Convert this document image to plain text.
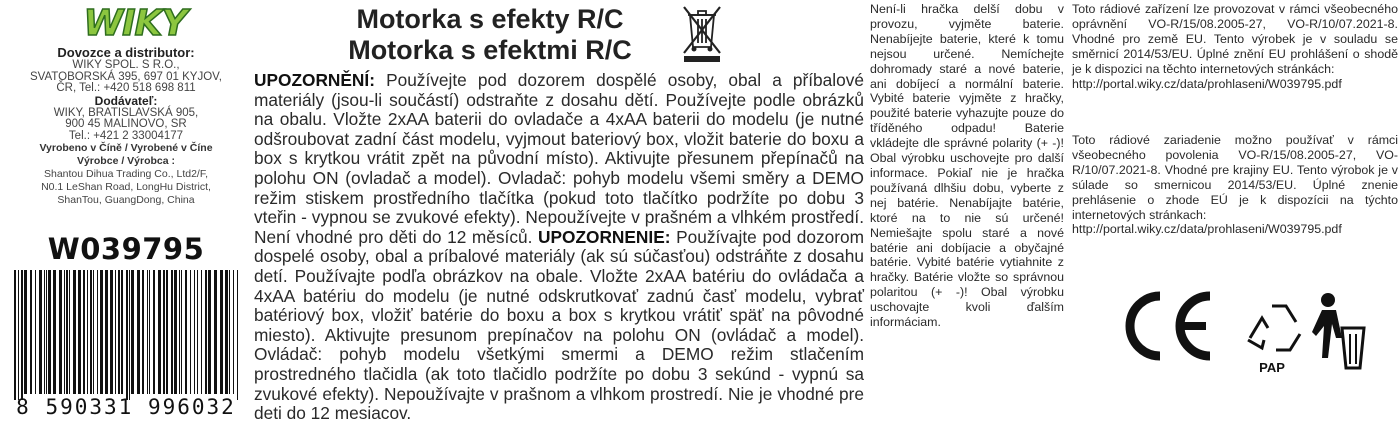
WIKY
Dovozce a distributor:
WIKY SPOL. S R.O.,
SVATOBORSKÁ 395, 697 01 KYJOV,
ČR, Tel.: +420 518 698 811
Dodávateľ:
WIKY, BRATISLAVSKÁ 905,
900 45 MALINOVO, SR
Tel.: +421 2 33004177
Vyrobeno v Číně / Vyrobené v Číne
Výrobce / Výrobca :
Shantou Dihua Trading Co., Ltd2/F,
N0.1 LeShan Road, LongHu District,
ShanTou, GuangDong, China
W039795
8 590331 996032
Motorka s efekty R/C
Motorka s efektmi R/C
UPOZORNĚNÍ: Používejte pod dozorem dospělé osoby, obal a příbalové materiály (jsou-li součástí) odstraňte z dosahu dětí. Používejte podle obrázků na obalu. Vložte 2xAA baterii do ovladače a 4xAA baterii do modelu (je nutné odšroubovat zadní část modelu, vyjmout bateriový box, vložit baterie do boxu a box s krytkou vrátit zpět na původní místo). Aktivujte přesunem přepínačů na polohu ON (ovladač a model). Ovladač: pohyb modelu všemi směry a DEMO režim stiskem prostředního tlačítka (pokud toto tlačítko podržíte po dobu 3 vteřin - vypnou se zvukové efekty). Nepoužívejte v prašném a vlhkém prostředí. Není vhodné pro děti do 12 měsíců. UPOZORNENIE: Používajte pod dozorom dospelé osoby, obal a príbalové materiály (ak sú súčasťou) odstráňte z dosahu detí. Používajte podľa obrázkov na obale. Vložte 2xAA batériu do ovládača a 4xAA batériu do modelu (je nutné odskrutkovať zadnú časť modelu, vybrať batériový box, vložiť batérie do boxu a box s krytkou vrátiť späť na pôvodné miesto). Aktivujte presunom prepínačov na polohu ON (ovládač a model). Ovládač: pohyb modelu všetkými smermi a DEMO režim stlačením prostredného tlačidla (ak toto tlačidlo podržíte po dobu 3 sekúnd - vypnú sa zvukové efekty). Nepoužívajte v prašnom a vlhkom prostredí. Nie je vhodné pre deti do 12 mesiacov.
Není-li hračka delší dobu v provozu, vyjměte baterie. Nenabíjejte baterie, které k tomu nejsou určené. Nemíchejte dohromady staré a nové baterie, ani dobíjecí a normální baterie. Vybité baterie vyjměte z hračky, použité baterie vyhazujte pouze do tříděného odpadu! Baterie vkládejte dle správné polarity (+ -)! Obal výrobku uschovejte pro další informace. Pokiaľ nie je hračka používaná dlhšiu dobu, vyberte z nej batérie. Nenabíjajte batérie, ktoré na to nie sú určené! Nemiešajte spolu staré a nové batérie ani dobíjacie a obyčajné batérie. Vybité batérie vytiahnite z hračky. Batérie vložte so správnou polaritou (+ -)! Obal výrobku uschovajte kvoli ďalším informáciam.
Toto rádiové zařízení lze provozovat v rámci všeobecného oprávnění VO-R/15/08.2005-27, VO-R/10/07.2021-8. Vhodné pro země EU. Tento výrobek je v souladu se směrnicí 2014/53/EU. Úplné znění EU prohlášení o shodě je k dispozici na těchto internetových stránkách:
http://portal.wiky.cz/data/prohlaseni/W039795.pdf
Toto rádiové zariadenie možno používať v rámci všeobecného povolenia VO-R/15/08.2005-27, VO-R/10/07.2021-8. Vhodné pre krajiny EU. Tento výrobok je v súlade so smernicou 2014/53/EU. Úplné znenie prehlásenie o zhode EÚ je k dispozícii na týchto internetových stránkach:
http://portal.wiky.cz/data/prohlaseni/W039795.pdf
PAP
